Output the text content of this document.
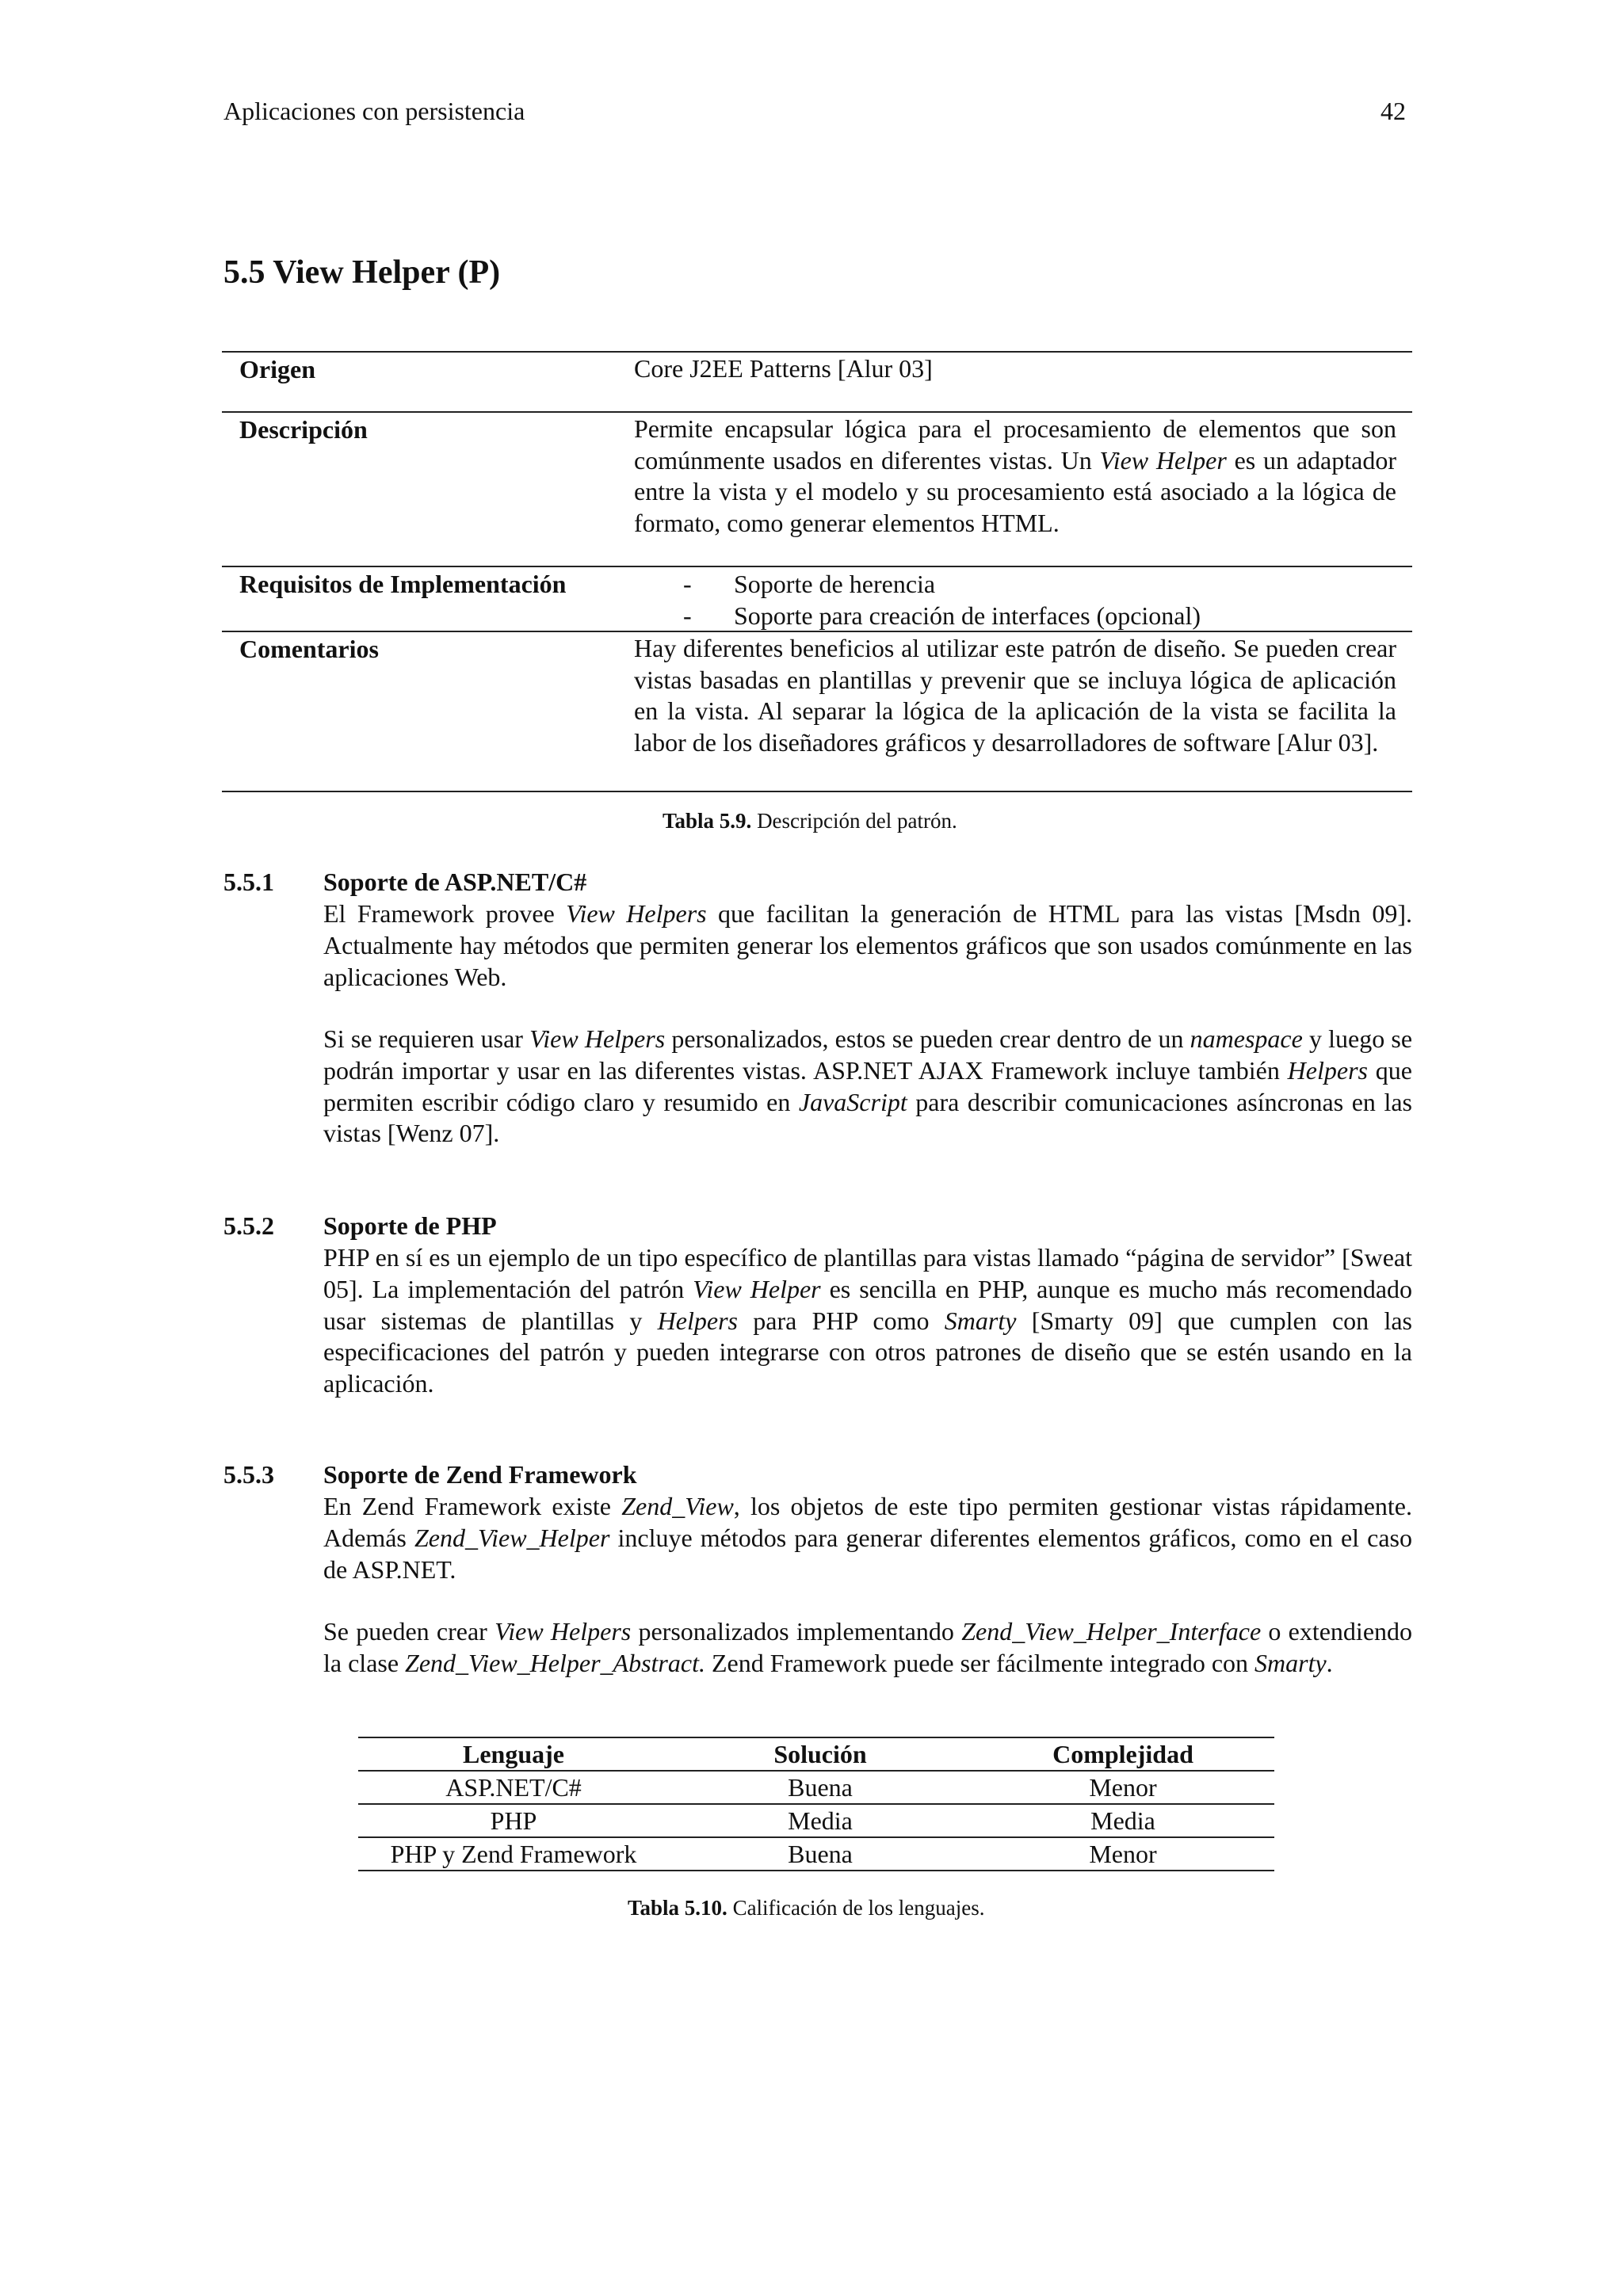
Aplicaciones con persistencia	42
5.5 View Helper (P)
Origen	Core J2EE Patterns [Alur 03]
Descripción	Permite encapsular lógica para el procesamiento de elementos que son comúnmente usados en diferentes vistas. Un View Helper es un adaptador entre la vista y el modelo y su procesamiento está asociado a la lógica de formato, como generar elementos HTML.

Requisitos de Implementación	- Soporte de herencia
- Soporte para creación de interfaces (opcional)
Comentarios	Hay diferentes beneficios al utilizar este patrón de diseño. Se pueden crear vistas basadas en plantillas y prevenir que se incluya lógica de aplicación en la vista. Al separar la lógica de la aplicación de la vista se facilita la labor de los diseñadores gráficos y desarrolladores de software [Alur 03].
Tabla 5.9. Descripción del patrón.
5.5.1 Soporte de ASP.NET/C#

El Framework provee View Helpers que facilitan la generación de HTML para las vistas [Msdn 09]. Actualmente hay métodos que permiten generar los elementos gráficos que son usados comúnmente en las aplicaciones Web.

Si se requieren usar View Helpers personalizados, estos se pueden crear dentro de un namespace y luego se podrán importar y usar en las diferentes vistas. ASP.NET AJAX Framework incluye también Helpers que permiten escribir código claro y resumido en JavaScript para describir comunicaciones asíncronas en las vistas [Wenz 07].

5.5.2 Soporte de PHP

PHP en sí es un ejemplo de un tipo específico de plantillas para vistas llamado “página de servidor” [Sweat 05]. La implementación del patrón View Helper es sencilla en PHP, aunque es mucho más recomendado usar sistemas de plantillas y Helpers para PHP como Smarty [Smarty 09] que cumplen con las especificaciones del patrón y pueden integrarse con otros patrones de diseño que se estén usando en la aplicación.

5.5.3 Soporte de Zend Framework

En Zend Framework existe Zend_View, los objetos de este tipo permiten gestionar vistas rápidamente. Además Zend_View_Helper incluye métodos para generar diferentes elementos gráficos, como en el caso de ASP.NET.

Se pueden crear View Helpers personalizados implementando Zend_View_Helper_Interface o extendiendo la clase Zend_View_Helper_Abstract. Zend Framework puede ser fácilmente integrado con Smarty.

Lenguaje	Solución	Complejidad
ASP.NET/C#	Buena	Menor
PHP	Media	Media
PHP y Zend Framework	Buena	Menor
Tabla 5.10. Calificación de los lenguajes.
